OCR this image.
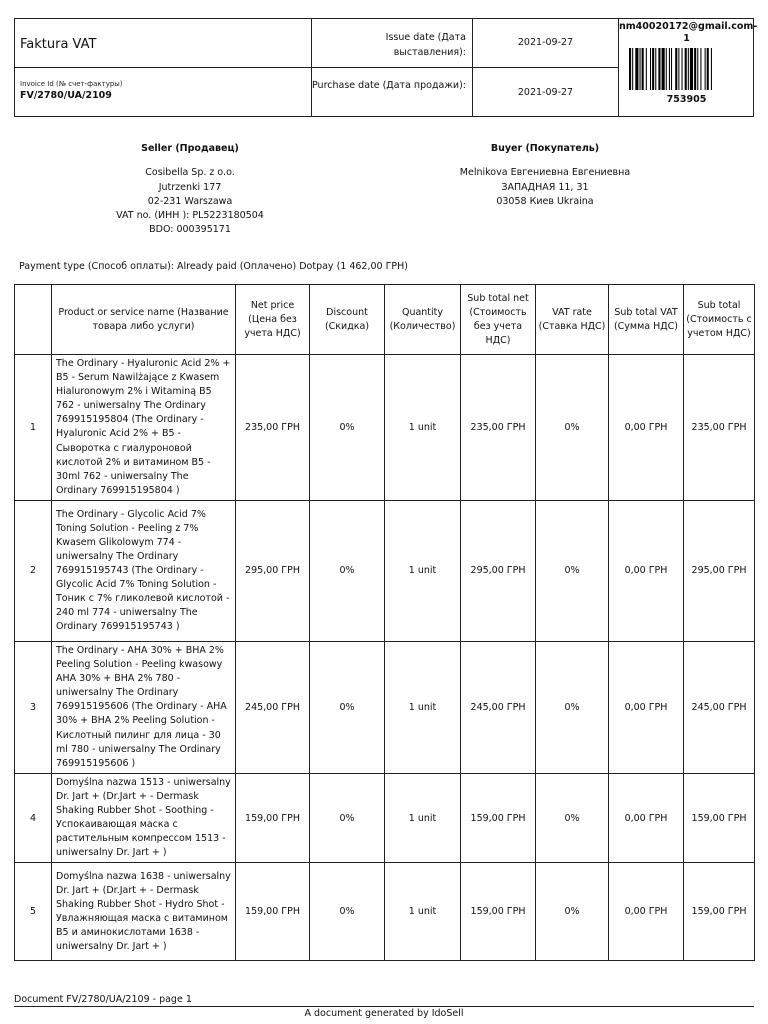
Faktura VAT
Invoice Id (№ счет-фактуры)
FV/2780/UA/2109
Issue date (Дата выставления):
Purchase date (Дата продажи):
2021-09-27
2021-09-27
nm40020172@gmail.com-1
753905
Seller (Продавец)
Cosibella Sp. z o.o.
Jutrzenki 177
02-231 Warszawa
VAT no. (ИНН ): PL5223180504
BDO: 000395171
Buyer (Покупатель)
Melnikova Евгениевна Евгениевна
ЗАПАДНАЯ 11, 31
03058 Киев Ukraina
Payment type (Способ оплаты): Already paid (Оплачено) Dotpay (1 462,00 ГРН)
	Product or service name (Название товара либо услуги)	Net price (Цена без учета НДС)	Discount (Скидка)	Quantity (Количество)	Sub total net (Стоимость без учета НДС)	VAT rate (Ставка НДС)	Sub total VAT (Сумма НДС)	Sub total (Стоимость с учетом НДС)
1	The Ordinary - Hyaluronic Acid 2% + B5 - Serum Nawilżające z Kwasem Hialuronowym 2% i Witaminą B5 762 - uniwersalny The Ordinary 769915195804 (The Ordinary - Hyaluronic Acid 2% + B5 - Сыворотка с гиалуроновой кислотой 2% и витамином B5 - 30ml 762 - uniwersalny The Ordinary 769915195804 )	235,00 ГРН	0%	1 unit	235,00 ГРН	0%	0,00 ГРН	235,00 ГРН
2	The Ordinary - Glycolic Acid 7% Toning Solution - Peeling z 7% Kwasem Glikolowym 774 - uniwersalny The Ordinary 769915195743 (The Ordinary - Glycolic Acid 7% Toning Solution - Тоник с 7% гликолевой кислотой - 240 ml 774 - uniwersalny The Ordinary 769915195743 )	295,00 ГРН	0%	1 unit	295,00 ГРН	0%	0,00 ГРН	295,00 ГРН
3	The Ordinary - AHA 30% + BHA 2% Peeling Solution - Peeling kwasowy AHA 30% + BHA 2% 780 - uniwersalny The Ordinary 769915195606 (The Ordinary - AHA 30% + BHA 2% Peeling Solution - Кислотный пилинг для лица - 30 ml 780 - uniwersalny The Ordinary 769915195606 )	245,00 ГРН	0%	1 unit	245,00 ГРН	0%	0,00 ГРН	245,00 ГРН
4	Domyślna nazwa 1513 - uniwersalny Dr. Jart + (Dr.Jart + - Dermask Shaking Rubber Shot - Soothing - Успокаивающая маска с растительным компрессом 1513 - uniwersalny Dr. Jart + )	159,00 ГРН	0%	1 unit	159,00 ГРН	0%	0,00 ГРН	159,00 ГРН
5	Domyślna nazwa 1638 - uniwersalny Dr. Jart + (Dr.Jart + - Dermask Shaking Rubber Shot - Hydro Shot - Увлажняющая маска с витамином B5 и аминокислотами 1638 - uniwersalny Dr. Jart + )	159,00 ГРН	0%	1 unit	159,00 ГРН	0%	0,00 ГРН	159,00 ГРН
Document FV/2780/UA/2109 - page 1
A document generated by IdoSell
